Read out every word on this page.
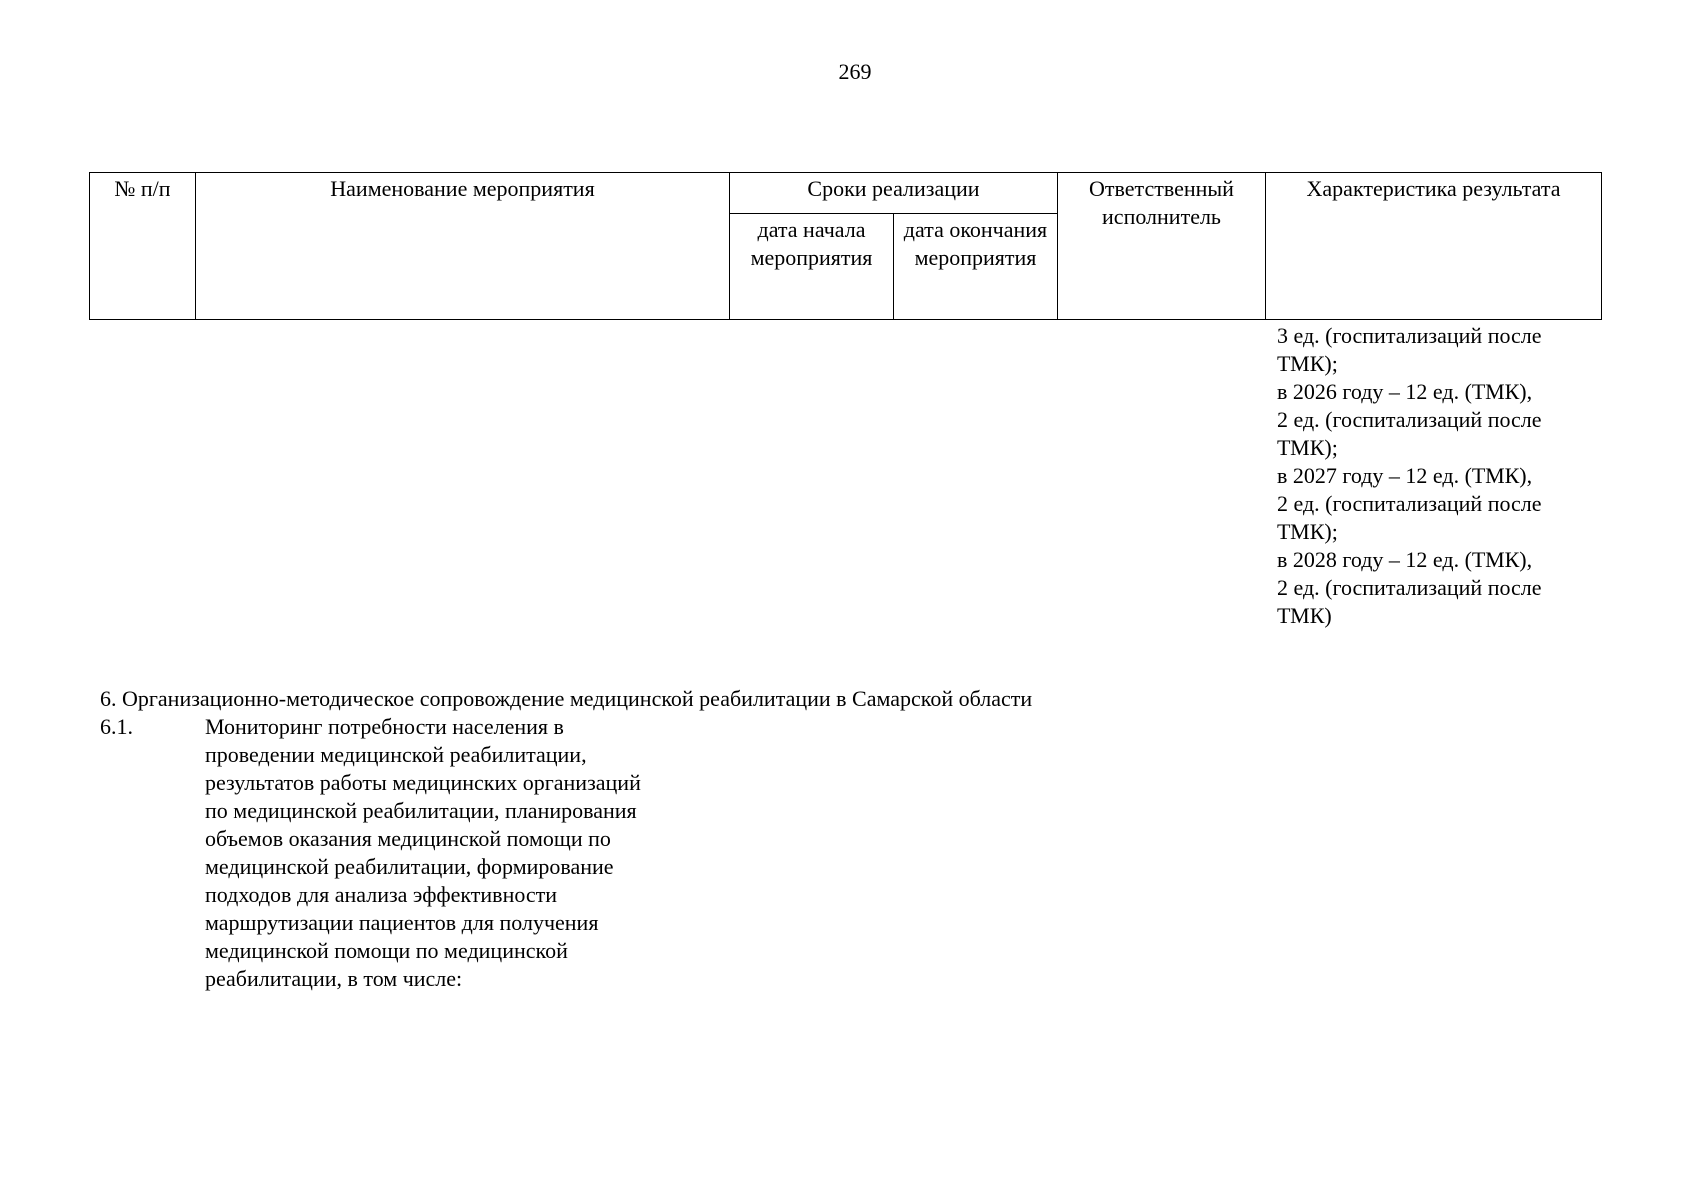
269
№ п/п	Наименование мероприятия	Сроки реализации		Ответственный исполнитель	Характеристика результата
		дата начала мероприятия	дата окончания мероприятия		
3 ед. (госпитализаций после
ТМК);
в 2026 году – 12 ед. (ТМК),
2 ед. (госпитализаций после
ТМК);
в 2027 году – 12 ед. (ТМК),
2 ед. (госпитализаций после
ТМК);
в 2028 году – 12 ед. (ТМК),
2 ед. (госпитализаций после
ТМК)
6. Организационно-методическое сопровождение медицинской реабилитации в Самарской области
6.1.	Мониторинг потребности населения в
проведении медицинской реабилитации,
результатов работы медицинских организаций
по медицинской реабилитации, планирования
объемов оказания медицинской помощи по
медицинской реабилитации, формирование
подходов для анализа эффективности
маршрутизации пациентов для получения
медицинской помощи по медицинской
реабилитации, в том числе:
